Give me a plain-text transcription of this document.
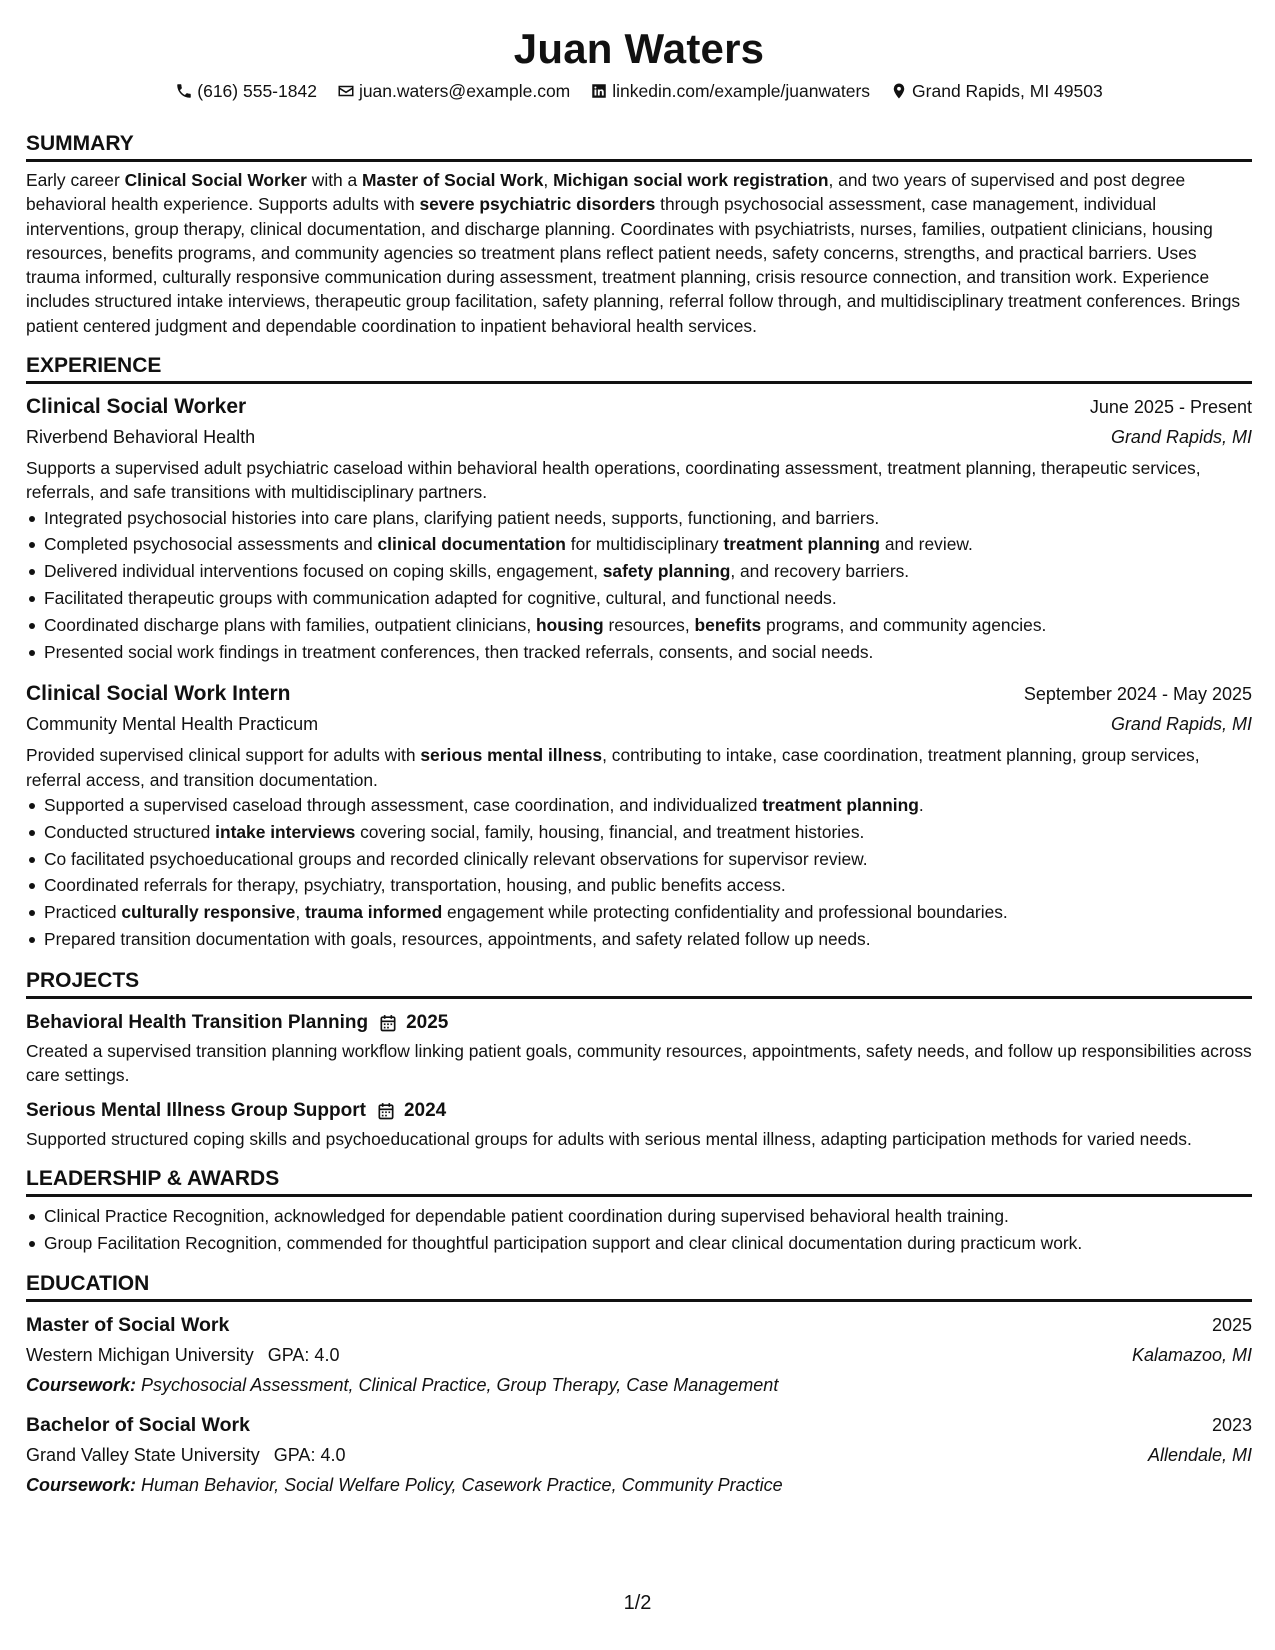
Juan Waters
(616) 555-1842 juan.waters@example.com linkedin.com/example/juanwaters Grand Rapids, MI 49503
SUMMARY
Early career Clinical Social Worker with a Master of Social Work, Michigan social work registration, and two years of supervised and post degree behavioral health experience. Supports adults with severe psychiatric disorders through psychosocial assessment, case management, individual interventions, group therapy, clinical documentation, and discharge planning. Coordinates with psychiatrists, nurses, families, outpatient clinicians, housing resources, benefits programs, and community agencies so treatment plans reflect patient needs, safety concerns, strengths, and practical barriers. Uses trauma informed, culturally responsive communication during assessment, treatment planning, crisis resource connection, and transition work. Experience includes structured intake interviews, therapeutic group facilitation, safety planning, referral follow through, and multidisciplinary treatment conferences. Brings patient centered judgment and dependable coordination to inpatient behavioral health services.
EXPERIENCE
Clinical Social Worker	June 2025 - Present
Riverbend Behavioral Health	Grand Rapids, MI
Supports a supervised adult psychiatric caseload within behavioral health operations, coordinating assessment, treatment planning, therapeutic services, referrals, and safe transitions with multidisciplinary partners.
Integrated psychosocial histories into care plans, clarifying patient needs, supports, functioning, and barriers.
Completed psychosocial assessments and clinical documentation for multidisciplinary treatment planning and review.
Delivered individual interventions focused on coping skills, engagement, safety planning, and recovery barriers.
Facilitated therapeutic groups with communication adapted for cognitive, cultural, and functional needs.
Coordinated discharge plans with families, outpatient clinicians, housing resources, benefits programs, and community agencies.
Presented social work findings in treatment conferences, then tracked referrals, consents, and social needs.
Clinical Social Work Intern	September 2024 - May 2025
Community Mental Health Practicum	Grand Rapids, MI
Provided supervised clinical support for adults with serious mental illness, contributing to intake, case coordination, treatment planning, group services, referral access, and transition documentation.
Supported a supervised caseload through assessment, case coordination, and individualized treatment planning.
Conducted structured intake interviews covering social, family, housing, financial, and treatment histories.
Co facilitated psychoeducational groups and recorded clinically relevant observations for supervisor review.
Coordinated referrals for therapy, psychiatry, transportation, housing, and public benefits access.
Practiced culturally responsive, trauma informed engagement while protecting confidentiality and professional boundaries.
Prepared transition documentation with goals, resources, appointments, and safety related follow up needs.
PROJECTS
Behavioral Health Transition Planning 2025
Created a supervised transition planning workflow linking patient goals, community resources, appointments, safety needs, and follow up responsibilities across care settings.
Serious Mental Illness Group Support 2024
Supported structured coping skills and psychoeducational groups for adults with serious mental illness, adapting participation methods for varied needs.
LEADERSHIP & AWARDS
Clinical Practice Recognition, acknowledged for dependable patient coordination during supervised behavioral health training.
Group Facilitation Recognition, commended for thoughtful participation support and clear clinical documentation during practicum work.
EDUCATION
Master of Social Work	2025
Western Michigan University GPA: 4.0	Kalamazoo, MI
Coursework: Psychosocial Assessment, Clinical Practice, Group Therapy, Case Management
Bachelor of Social Work	2023
Grand Valley State University GPA: 4.0	Allendale, MI
Coursework: Human Behavior, Social Welfare Policy, Casework Practice, Community Practice
1/2
